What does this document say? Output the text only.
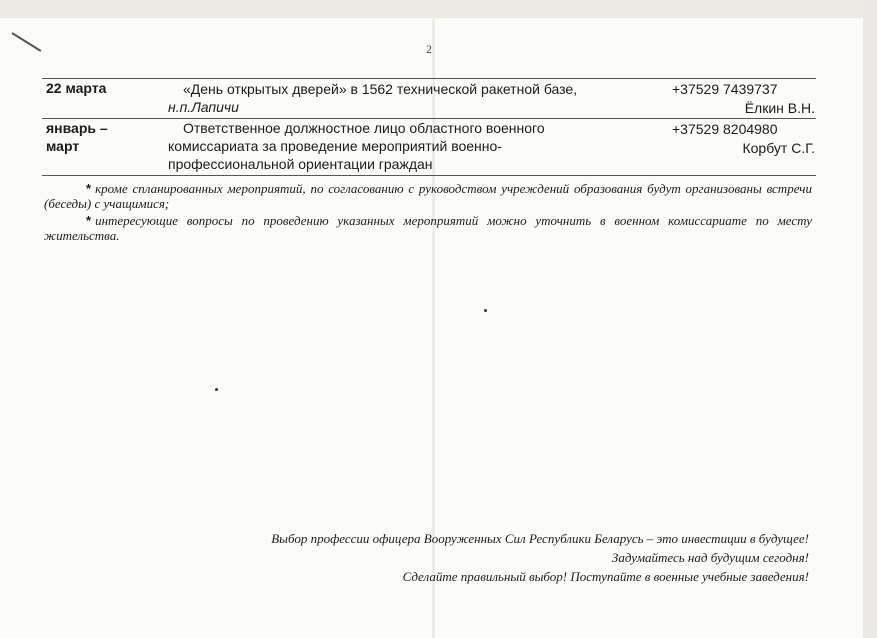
2
22 марта	«День открытых дверей» в 1562 технической ракетной базе,
н.п.Лапичи
+37529 7439737
Ёлкин В.Н.
январь –
март
Ответственное должностное лицо областного военного
комиссариата за проведение мероприятий военно-
профессиональной ориентации граждан
+37529 8204980
Корбут С.Г.

* кроме спланированных мероприятий, по согласованию с руководством учреждений образования будут организованы встречи (беседы) с учащимися;

* интересующие вопросы по проведению указанных мероприятий можно уточнить в военном комиссариате по месту жительства.

Выбор профессии офицера Вооруженных Сил Республики Беларусь – это инвестиции в будущее!
Задумайтесь над будущим сегодня!
Сделайте правильный выбор! Поступайте в военные учебные заведения!
